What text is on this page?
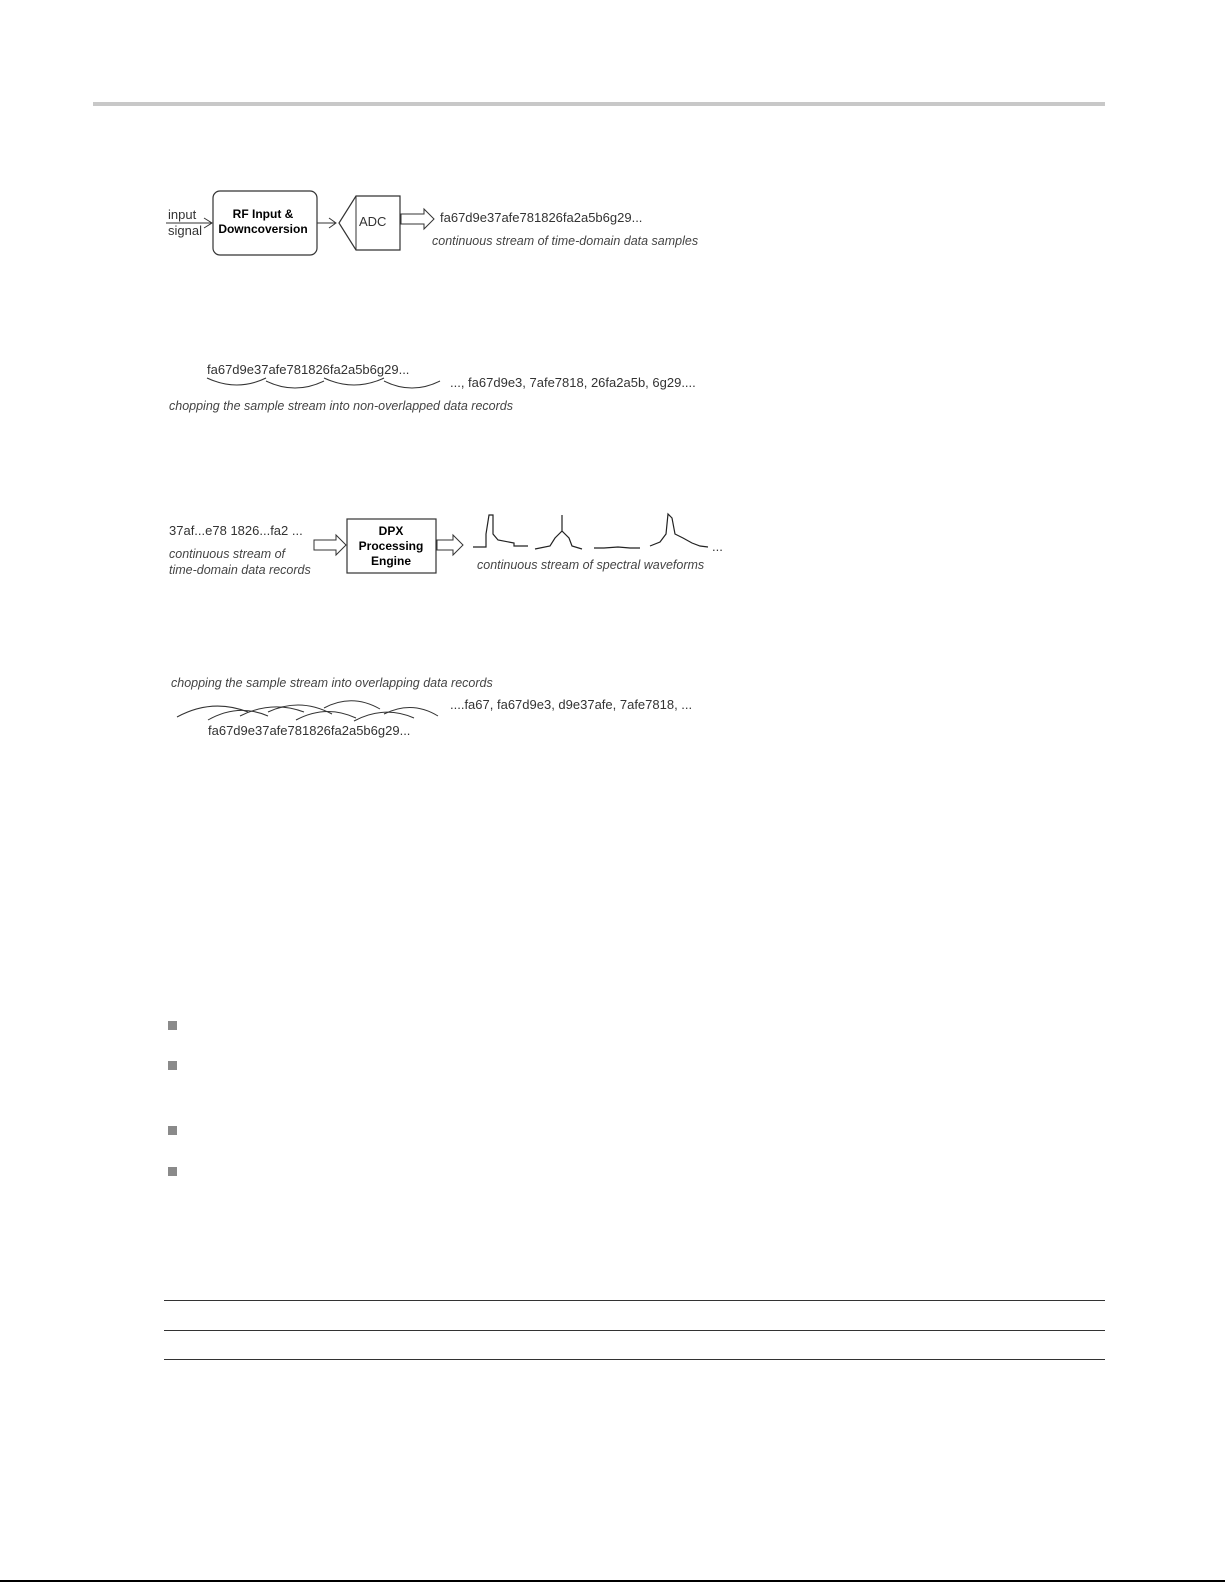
input
signal
RF Input &
Downcoversion	ADC	fa67d9e37afe781826fa2a5b6g29...
continuous stream of time-domain data samples
fa67d9e37afe781826fa2a5b6g29...
..., fa67d9e3, 7afe7818, 26fa2a5b, 6g29....
chopping the sample stream into non-overlapped data records
37af...e78 1826...fa2 ...
continuous stream of
time-domain data records
DPX
Processing
Engine
...
continuous stream of spectral waveforms
chopping the sample stream into overlapping data records
....fa67, fa67d9e3, d9e37afe, 7afe7818, ...
fa67d9e37afe781826fa2a5b6g29...
